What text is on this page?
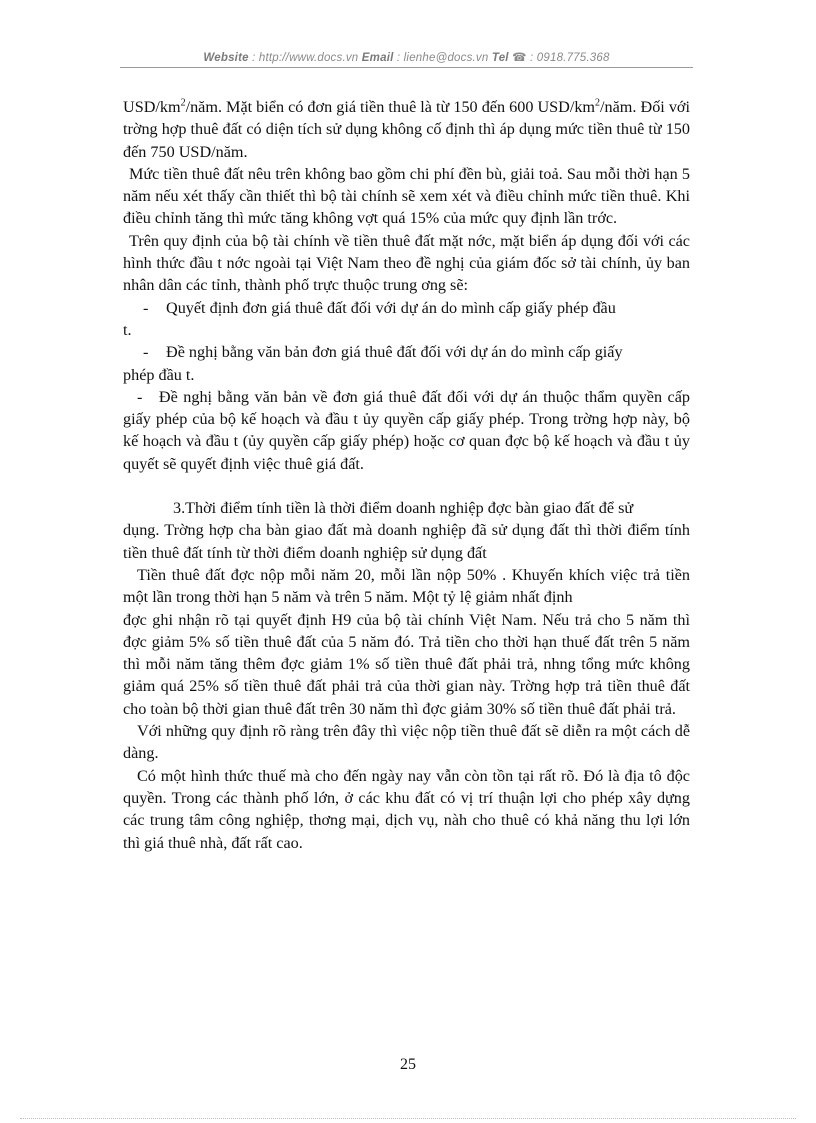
Website : http://www.docs.vn Email : lienhe@docs.vn Tel ☎ : 0918.775.368

USD/$km^2$/năm. Mặt biển có đơn giá tiền thuê là từ 150 đến 600 USD/$km^2$/năm. Đối với trờng hợp thuê đất có diện tích sử dụng không cố định thì áp dụng mức tiền thuê từ 150 đến 750 USD/năm.

Mức tiền thuê đất nêu trên không bao gồm chi phí đền bù, giải toả. Sau mỗi thời hạn 5 năm nếu xét thấy cần thiết thì bộ tài chính sẽ xem xét và điều chỉnh mức tiền thuê. Khi điều chỉnh tăng thì mức tăng không vợt quá 15% của mức quy định lần trớc.

Trên quy định của bộ tài chính về tiền thuê đất mặt nớc, mặt biển áp dụng đối với các hình thức đầu t nớc ngoài tại Việt Nam theo đề nghị của giám đốc sở tài chính, ủy ban nhân dân các tỉnh, thành phố trực thuộc trung ơng sẽ:

- Quyết định đơn giá thuê đất đối với dự án do mình cấp giấy phép đầu

t.

- Đề nghị bằng văn bản đơn giá thuê đất đối với dự án do mình cấp giấy

phép đầu t.

- Đề nghị bằng văn bản về đơn giá thuê đất đối với dự án thuộc thẩm quyền cấp giấy phép của bộ kế hoạch và đầu t ủy quyền cấp giấy phép. Trong trờng hợp này, bộ kế hoạch và đầu t (ủy quyền cấp giấy phép) hoặc cơ quan đợc bộ kế hoạch và đầu t ủy quyết sẽ quyết định việc thuê giá đất.

3.Thời điểm tính tiền là thời điểm doanh nghiệp đợc bàn giao đất để sử

dụng. Trờng hợp cha bàn giao đất mà doanh nghiệp đã sử dụng đất thì thời điểm tính tiền thuê đất tính từ thời điểm doanh nghiệp sử dụng đất

Tiền thuê đất đợc nộp mỗi năm 20, mỗi lần nộp 50% . Khuyến khích việc trả tiền một lần trong thời hạn 5 năm và trên 5 năm. Một tỷ lệ giảm nhất định

đợc ghi nhận rõ tại quyết định H9 của bộ tài chính Việt Nam. Nếu trả cho 5 năm thì đợc giảm 5% số tiền thuê đất của 5 năm đó. Trả tiền cho thời hạn thuế đất trên 5 năm thì mỗi năm tăng thêm đợc giảm 1% số tiền thuê đất phải trả, nhng tổng mức không giảm quá 25% số tiền thuê đất phải trả của thời gian này. Trờng hợp trả tiền thuê đất cho toàn bộ thời gian thuê đất trên 30 năm thì đợc giảm 30% số tiền thuê đất phải trả.

Với những quy định rõ ràng trên đây thì việc nộp tiền thuê đất sẽ diễn ra một cách dễ dàng.

Có một hình thức thuế mà cho đến ngày nay vẫn còn tồn tại rất rõ. Đó là địa tô độc quyền. Trong các thành phố lớn, ở các khu đất có vị trí thuận lợi cho phép xây dựng các trung tâm công nghiệp, thơng mại, dịch vụ, nàh cho thuê có khả năng thu lợi lớn thì giá thuê nhà, đất rất cao.

25
